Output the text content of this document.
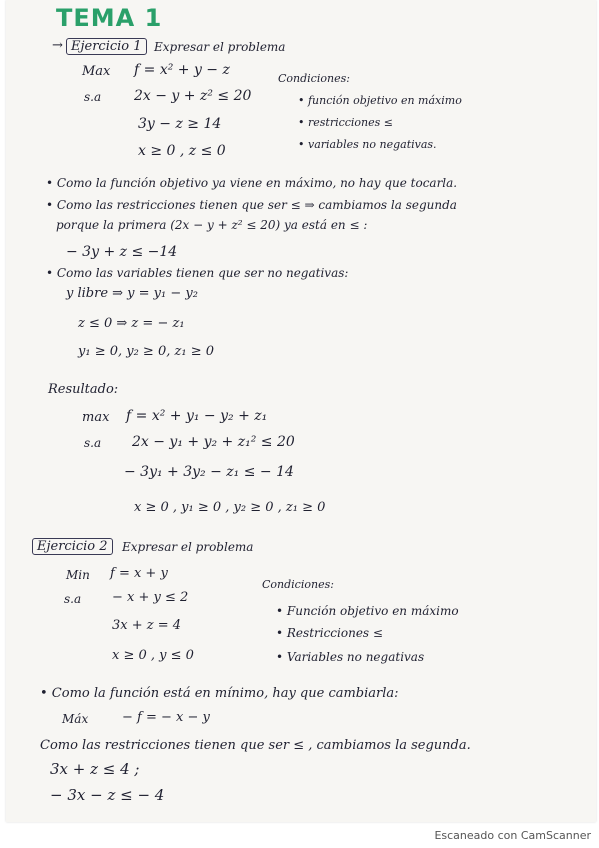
TEMA 1
→ Ejercicio 1	Expresar el problema
Max f = x² + y − z
s.a 2x − y + z² ≤ 20
3y − z ≥ 14
x ≥ 0 , z ≤ 0
Condiciones:
• función objetivo en máximo
• restricciones ≤
• variables no negativas.
• Como la función objetivo ya viene en máximo, no hay que tocarla.
• Como las restricciones tienen que ser ≤ ⇒ cambiamos la segunda
porque la primera (2x − y + z² ≤ 20) ya está en ≤ :
− 3y + z ≤ −14
• Como las variables tienen que ser no negativas:
y libre ⇒ y = y₁ − y₂
z ≤ 0 ⇒ z = − z₁
y₁ ≥ 0, y₂ ≥ 0, z₁ ≥ 0
Resultado:
max f = x² + y₁ − y₂ + z₁
s.a 2x − y₁ + y₂ + z₁² ≤ 20
− 3y₁ + 3y₂ − z₁ ≤ − 14
x ≥ 0 , y₁ ≥ 0 , y₂ ≥ 0 , z₁ ≥ 0
Ejercicio 2	Expresar el problema
Min f = x + y
s.a − x + y ≤ 2
3x + z = 4
x ≥ 0 , y ≤ 0
Condiciones:
• Función objetivo en máximo
• Restricciones ≤
• Variables no negativas
• Como la función está en mínimo, hay que cambiarla:
Máx	− f = − x − y
Como las restricciones tienen que ser ≤ , cambiamos la segunda.
3x + z ≤ 4 ;
− 3x − z ≤ − 4
Escaneado con CamScanner
